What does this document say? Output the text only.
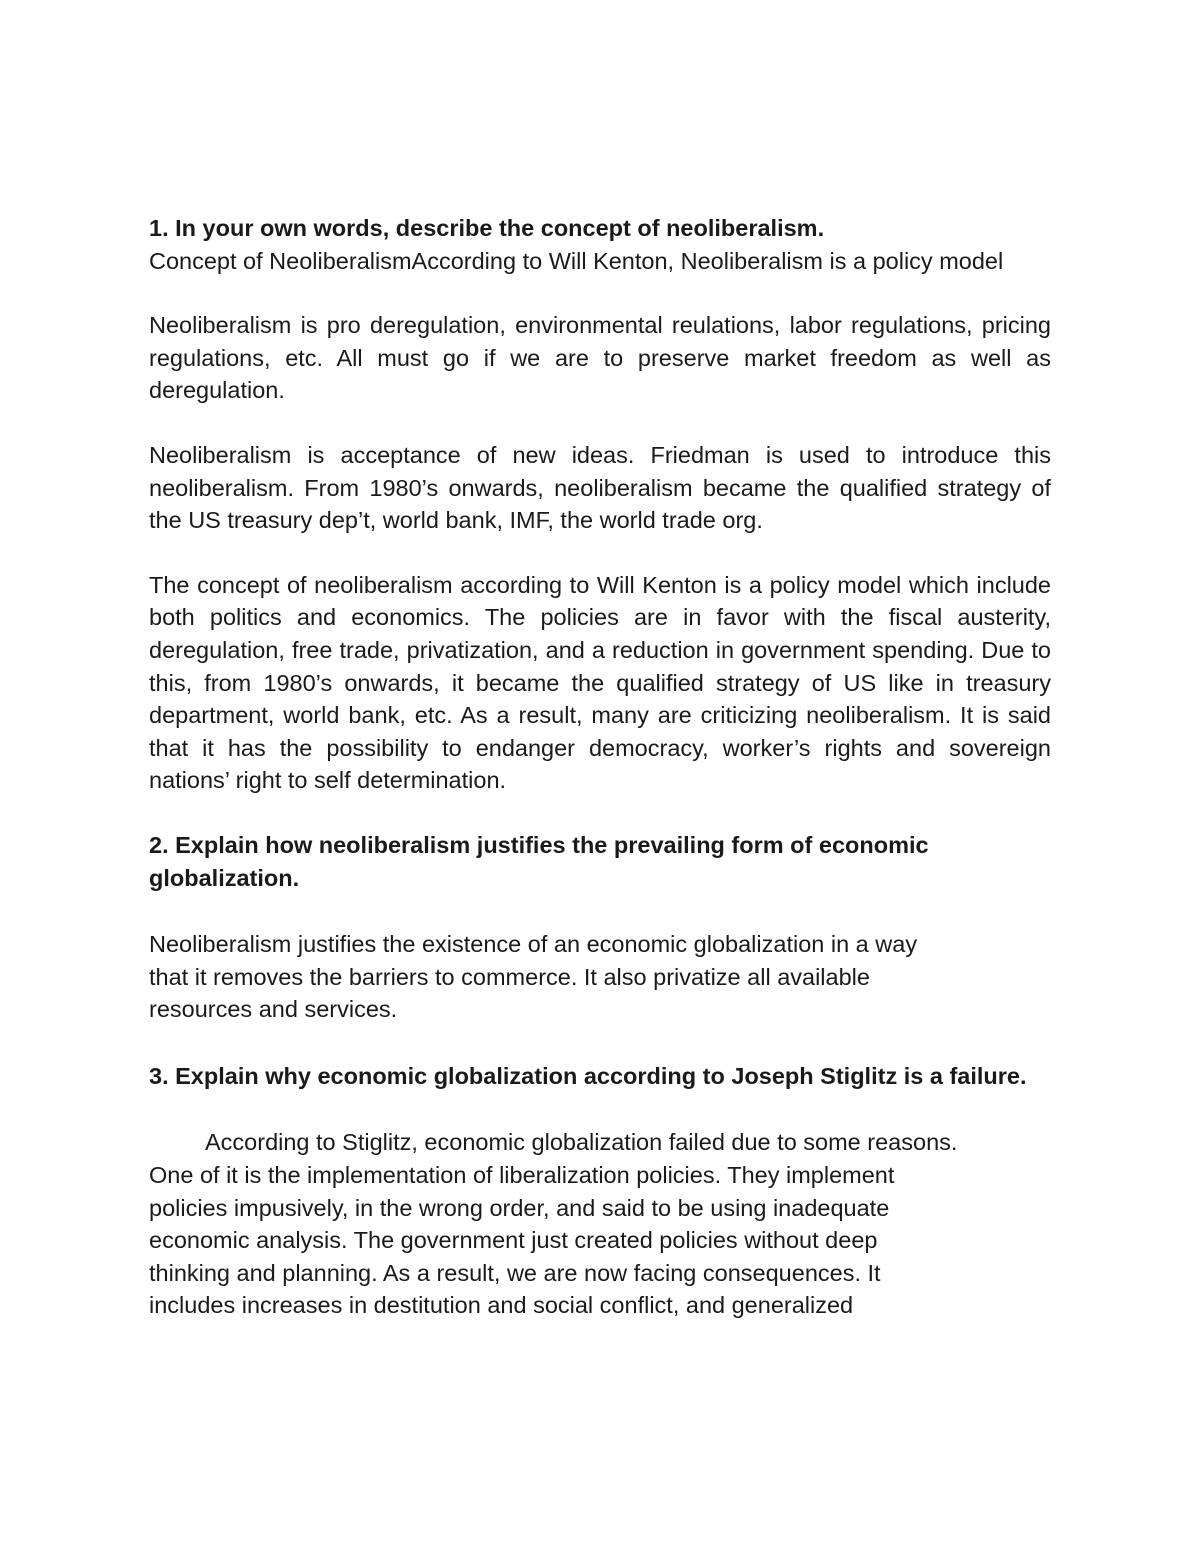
1. In your own words, describe the concept of neoliberalism.

Concept of NeoliberalismAccording to Will Kenton, Neoliberalism is a policy model

Neoliberalism is pro deregulation, environmental reulations, labor regulations, pricing regulations, etc. All must go if we are to preserve market freedom as well as deregulation.

Neoliberalism is acceptance of new ideas. Friedman is used to introduce this neoliberalism. From 1980’s onwards, neoliberalism became the qualified strategy of the US treasury dep’t, world bank, IMF, the world trade org.

The concept of neoliberalism according to Will Kenton is a policy model which include both politics and economics. The policies are in favor with the fiscal austerity, deregulation, free trade, privatization, and a reduction in government spending. Due to this, from 1980’s onwards, it became the qualified strategy of US like in treasury department, world bank, etc. As a result, many are criticizing neoliberalism. It is said that it has the possibility to endanger democracy, worker’s rights and sovereign nations’ right to self determination.

2. Explain how neoliberalism justifies the prevailing form of economic globalization.

Neoliberalism justifies the existence of an economic globalization in a way
that it removes the barriers to commerce. It also privatize all available
resources and services.

3. Explain why economic globalization according to Joseph Stiglitz is a failure.

According to Stiglitz, economic globalization failed due to some reasons.
One of it is the implementation of liberalization policies. They implement
policies impusively, in the wrong order, and said to be using inadequate
economic analysis. The government just created policies without deep
thinking and planning. As a result, we are now facing consequences. It
includes increases in destitution and social conflict, and generalized
